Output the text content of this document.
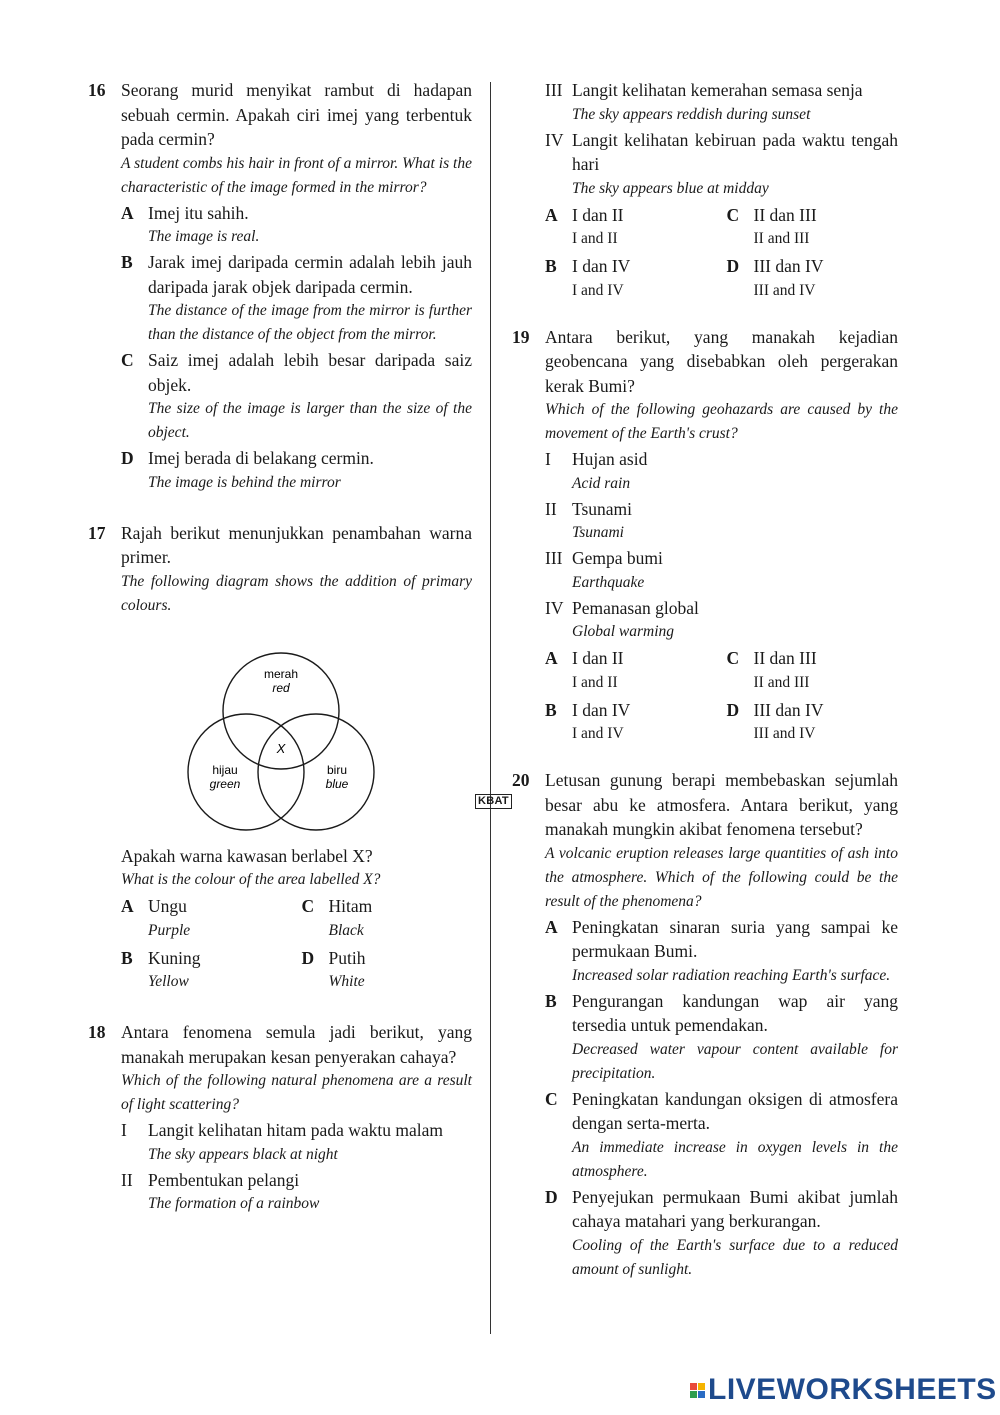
16 Seorang murid menyikat rambut di hadapan sebuah cermin. Apakah ciri imej yang terbentuk pada cermin?
A student combs his hair in front of a mirror. What is the characteristic of the image formed in the mirror?
A Imej itu sahih.
The image is real.
B Jarak imej daripada cermin adalah lebih jauh daripada jarak objek daripada cermin.
The distance of the image from the mirror is further than the distance of the object from the mirror.
C Saiz imej adalah lebih besar daripada saiz objek.
The size of the image is larger than the size of the object.
D Imej berada di belakang cermin.
The image is behind the mirror
17 Rajah berikut menunjukkan penambahan warna primer.
The following diagram shows the addition of primary colours.
merah
red
hijau
green
biru
blue
X
Apakah warna kawasan berlabel X?
What is the colour of the area labelled X?
A Ungu
Purple
C Hitam
Black
B Kuning
Yellow
D Putih
White
18 Antara fenomena semula jadi berikut, yang manakah merupakan kesan penyerakan cahaya?
Which of the following natural phenomena are a result of light scattering?
I Langit kelihatan hitam pada waktu malam
The sky appears black at night
II Pembentukan pelangi
The formation of a rainbow
III Langit kelihatan kemerahan semasa senja
The sky appears reddish during sunset
IV Langit kelihatan kebiruan pada waktu tengah hari
The sky appears blue at midday
A I dan II
I and II
C II dan III
II and III
B I dan IV
I and IV
D III dan IV
III and IV
19 Antara berikut, yang manakah kejadian geobencana yang disebabkan oleh pergerakan kerak Bumi?
Which of the following geohazards are caused by the movement of the Earth's crust?
I Hujan asid
Acid rain
II Tsunami
Tsunami
III Gempa bumi
Earthquake
IV Pemanasan global
Global warming
A I dan II
I and II
C II dan III
II and III
B I dan IV
I and IV
D III dan IV
III and IV
20
KBAT
Letusan gunung berapi membebaskan sejumlah besar abu ke atmosfera. Antara berikut, yang manakah mungkin akibat fenomena tersebut?
A volcanic eruption releases large quantities of ash into the atmosphere. Which of the following could be the result of the phenomena?
A Peningkatan sinaran suria yang sampai ke permukaan Bumi.
Increased solar radiation reaching Earth's surface.
B Pengurangan kandungan wap air yang tersedia untuk pemendakan.
Decreased water vapour content available for precipitation.
C Peningkatan kandungan oksigen di atmosfera dengan serta-merta.
An immediate increase in oxygen levels in the atmosphere.
D Penyejukan permukaan Bumi akibat jumlah cahaya matahari yang berkurangan.
Cooling of the Earth's surface due to a reduced amount of sunlight.
LIVEWORKSHEETS
